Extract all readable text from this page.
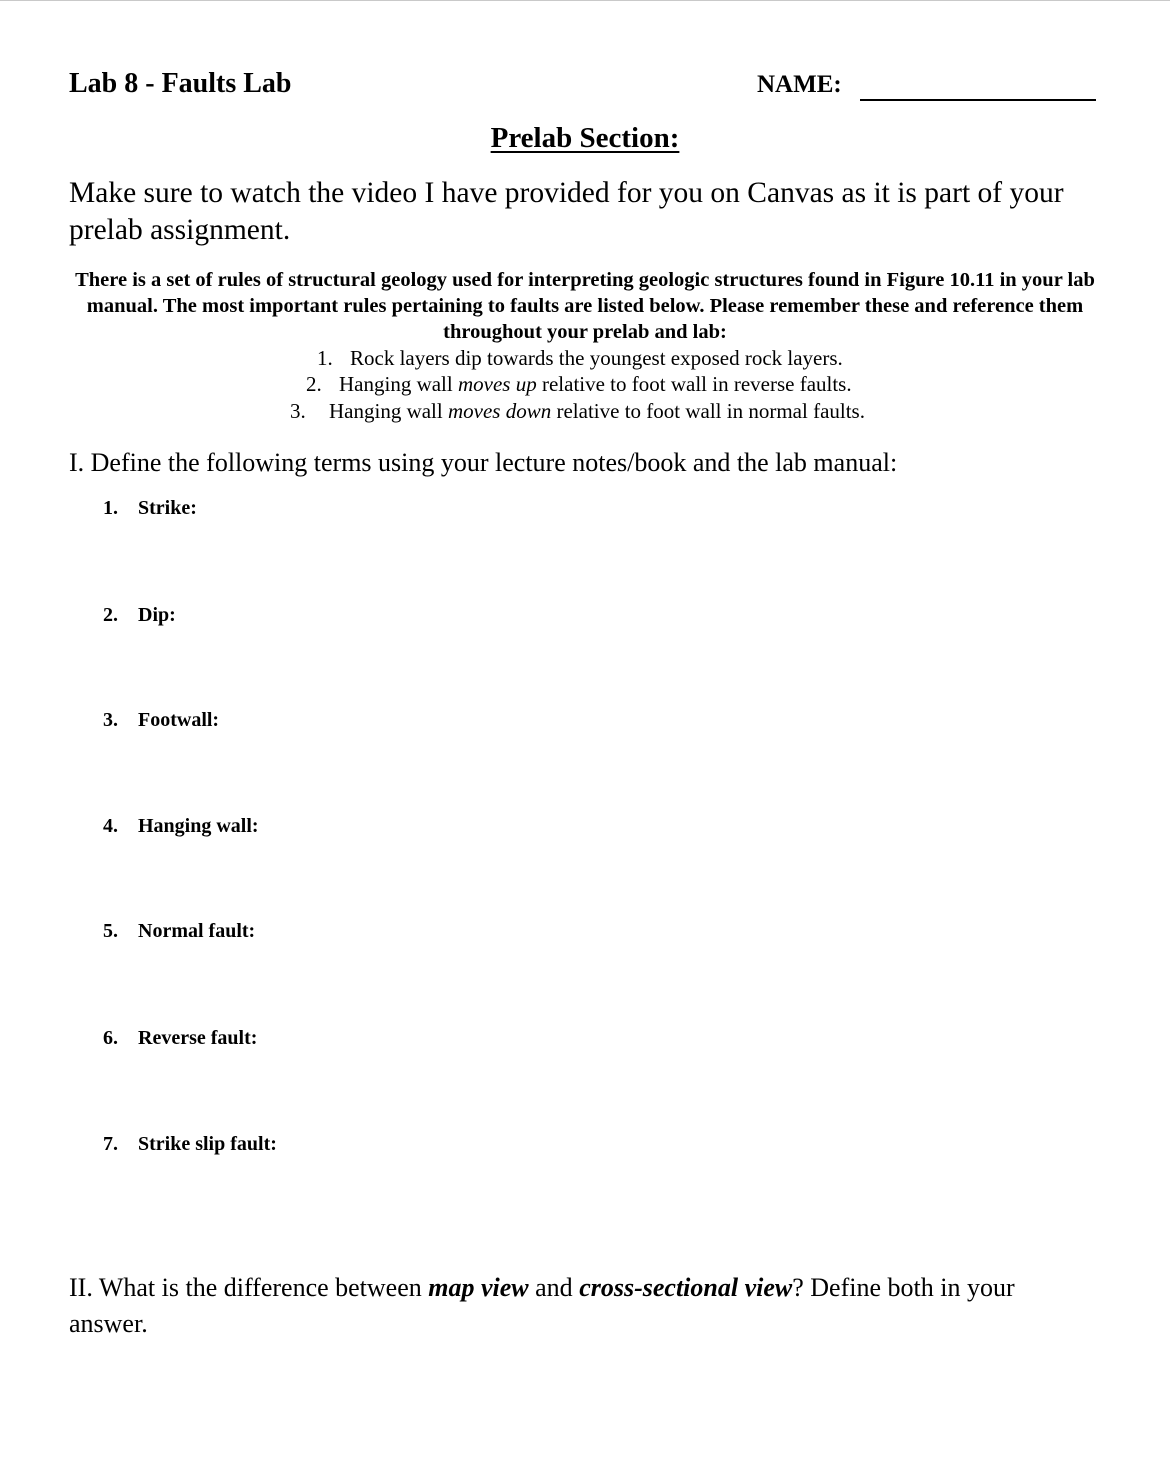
Lab 8 - Faults Lab	NAME:
Prelab Section:
Make sure to watch the video I have provided for you on Canvas as it is part of your prelab assignment.
There is a set of rules of structural geology used for interpreting geologic structures found in Figure 10.11 in your lab manual. The most important rules pertaining to faults are listed below. Please remember these and reference them throughout your prelab and lab:
1. Rock layers dip towards the youngest exposed rock layers.
2. Hanging wall moves up relative to foot wall in reverse faults.
3. Hanging wall moves down relative to foot wall in normal faults.
I. Define the following terms using your lecture notes/book and the lab manual:
1. Strike:
2. Dip:
3. Footwall:
4. Hanging wall:
5. Normal fault:
6. Reverse fault:
7. Strike slip fault:
II. What is the difference between map view and cross-sectional view? Define both in your answer.
